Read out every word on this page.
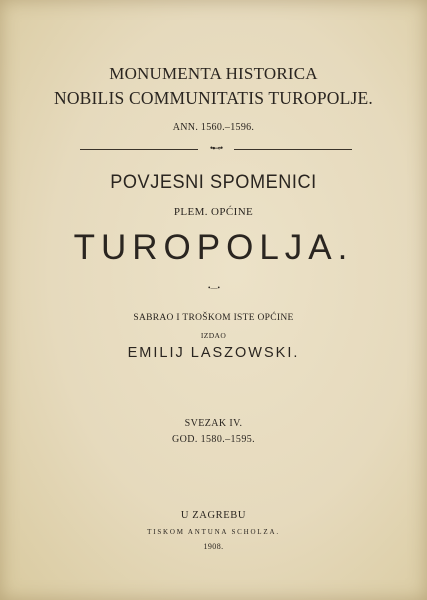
MONUMENTA HISTORICA
NOBILIS COMMUNITATIS TUROPOLJE.
ANN. 1560.–1596.
•⊷•
POVJESNI SPOMENICI
PLEM. OPĆINE
TUROPOLJA.
•—•
SABRAO I TROŠKOM ISTE OPĆINE
IZDAO
EMILIJ LASZOWSKI.
SVEZAK IV.
GOD. 1580.–1595.
U ZAGREBU
TISKOM ANTUNA SCHOLZA.
1908.
